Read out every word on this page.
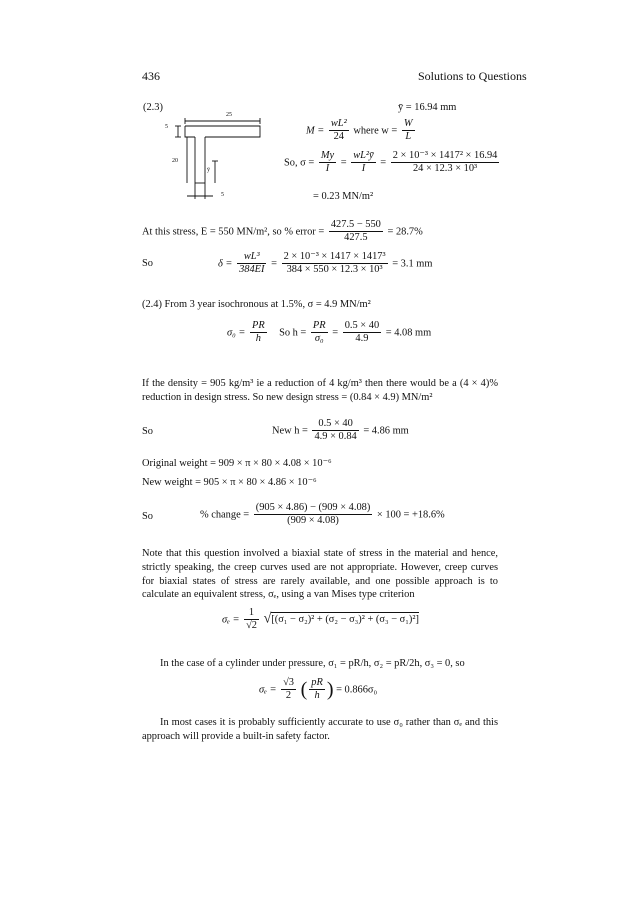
436	Solutions to Questions
(2.3)	ȳ = 16.94 mm
25
5
20
ȳ
5
$M = \frac{\text{wL²}}{24}$ where $w = \frac{W}{L}$
So, $\sigma = \frac{My}{I} = \frac{\text{wL²ȳ}}{I} = \frac{\text{2 × 10⁻³ × 1417² × 16.94}}{\text{24 × 12.3 × 10³}}$
= 0.23 MN/m²
At this stress, E = 550 MN/m², so % error = $\frac{427.5 - 550}{427.5} = 28.7\%$
So	$\delta = \frac{\text{wL³}}{384EI} = \frac{\text{2 × 10⁻³ × 1417 × 1417³}}{\text{384 × 550 × 12.3 × 10³}} = 3.1$ mm
(2.4) From 3 year isochronous at 1.5%, σ = 4.9 MN/m²
$\sigma_0 = \frac{PR}{h}$ So $h = \frac{PR}{\text{σ₀}} = \frac{0.5 \times 40}{4.9} = 4.08$ mm
If the density = 905 kg/m³ ie a reduction of 4 kg/m³ then there would be a (4 × 4)% reduction in design stress. So new design stress = (0.84 × 4.9) MN/m²
So	New $h = \frac{0.5 \times 40}{4.9 \times 0.84} = 4.86$ mm
Original weight = 909 × π × 80 × 4.08 × 10⁻⁶
New weight = 905 × π × 80 × 4.86 × 10⁻⁶
So	% change = $\frac{(905 \times 4.86) - (909 \times 4.08)}{(909 \times 4.08)} \times 100 = +18.6\%$
Note that this question involved a biaxial state of stress in the material and hence, strictly speaking, the creep curves used are not appropriate. However, creep curves for biaxial states of stress are rarely available, and one possible approach is to calculate an equivalent stress, σₑ, using a van Mises type criterion
$\sigma_e = \frac{1}{√2} √[(\sigma_1 - \sigma_2)^2 + (\sigma_2 - \sigma_3)^2 + (\sigma_3 - \sigma_1)^2]$
In the case of a cylinder under pressure, σ₁ = pR/h, σ₂ = pR/2h, σ₃ = 0, so
$\sigma_e = \frac{√3}{2}$ ( $\frac{pR}{h}$ ) = 0.866σ₀
In most cases it is probably sufficiently accurate to use σ₀ rather than σₑ and this approach will provide a built-in safety factor.
